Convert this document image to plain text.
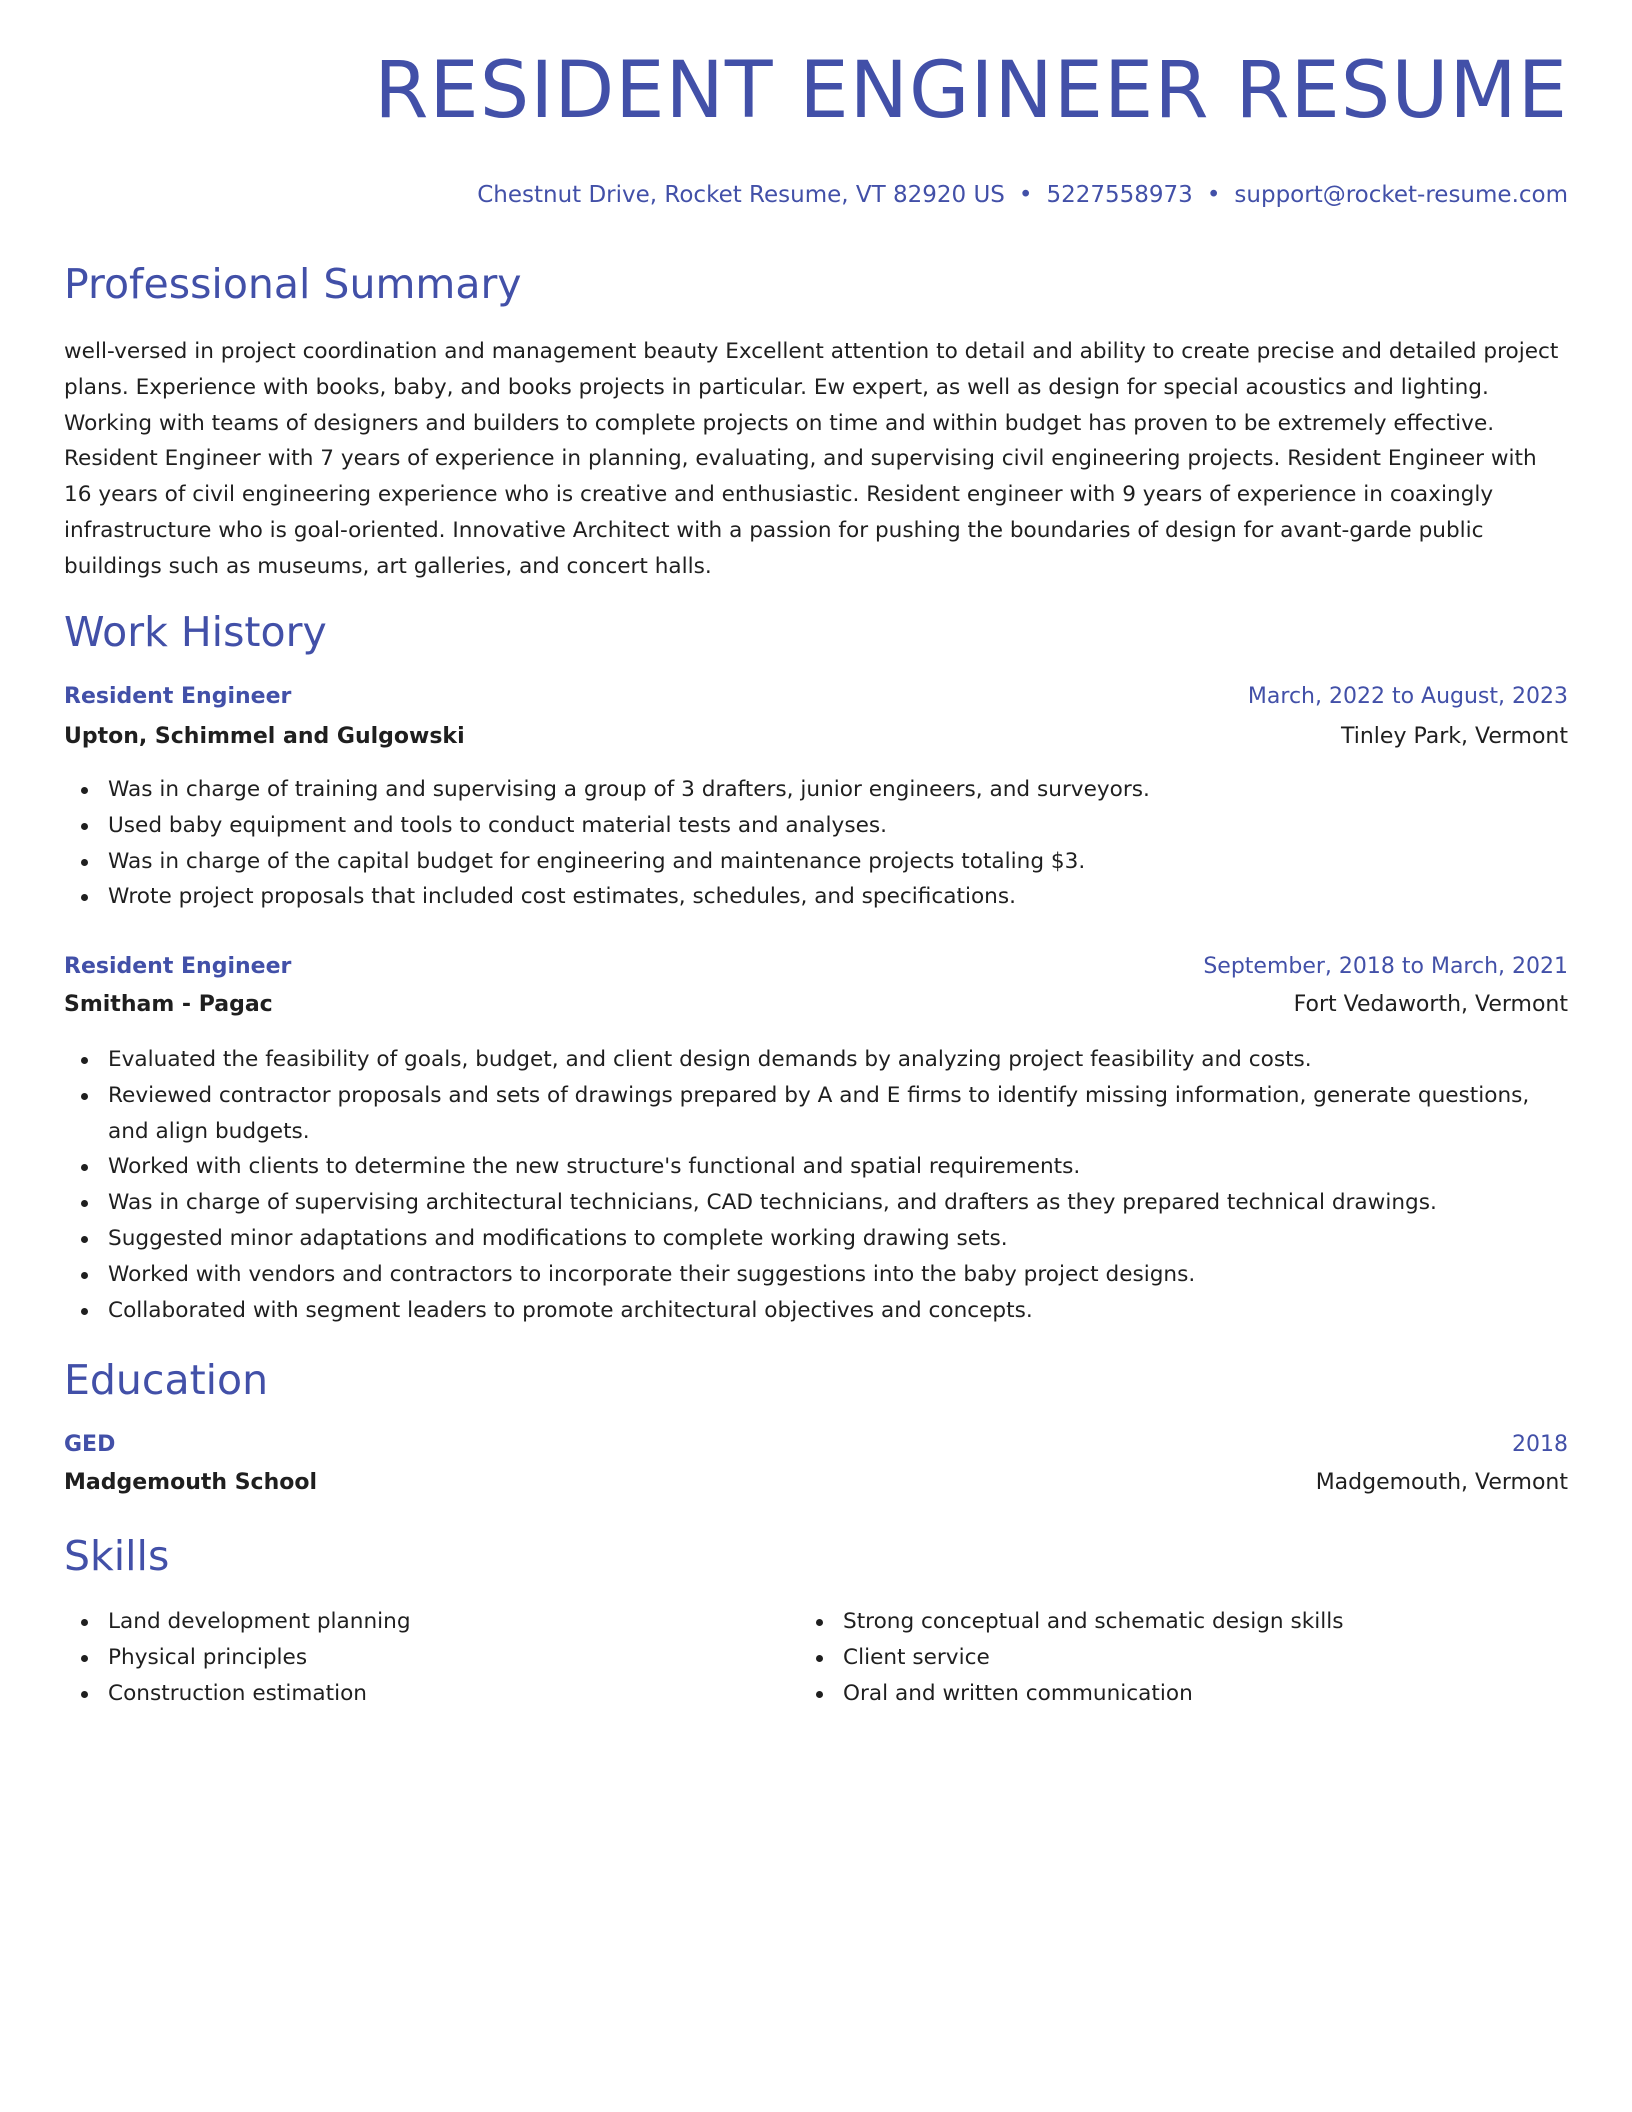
RESIDENT ENGINEER RESUME
Chestnut Drive, Rocket Resume, VT 82920 US • 5227558973 • support@rocket-resume.com
Professional Summary

well-versed in project coordination and management beauty Excellent attention to detail and ability to create precise and detailed project plans. Experience with books, baby, and books projects in particular. Ew expert, as well as design for special acoustics and lighting. Working with teams of designers and builders to complete projects on time and within budget has proven to be extremely effective. Resident Engineer with 7 years of experience in planning, evaluating, and supervising civil engineering projects. Resident Engineer with 16 years of civil engineering experience who is creative and enthusiastic. Resident engineer with 9 years of experience in coaxingly infrastructure who is goal-oriented. Innovative Architect with a passion for pushing the boundaries of design for avant-garde public buildings such as museums, art galleries, and concert halls.

Work History
Resident Engineer	March, 2022 to August, 2023
Upton, Schimmel and Gulgowski	Tinley Park, Vermont
Was in charge of training and supervising a group of 3 drafters, junior engineers, and surveyors.
Used baby equipment and tools to conduct material tests and analyses.
Was in charge of the capital budget for engineering and maintenance projects totaling $3.
Wrote project proposals that included cost estimates, schedules, and specifications.
Resident Engineer	September, 2018 to March, 2021
Smitham - Pagac	Fort Vedaworth, Vermont
Evaluated the feasibility of goals, budget, and client design demands by analyzing project feasibility and costs.
Reviewed contractor proposals and sets of drawings prepared by A and E firms to identify missing information, generate questions, and align budgets.
Worked with clients to determine the new structure's functional and spatial requirements.
Was in charge of supervising architectural technicians, CAD technicians, and drafters as they prepared technical drawings.
Suggested minor adaptations and modifications to complete working drawing sets.
Worked with vendors and contractors to incorporate their suggestions into the baby project designs.
Collaborated with segment leaders to promote architectural objectives and concepts.
Education
GED	2018
Madgemouth School	Madgemouth, Vermont
Skills
Land development planning
Physical principles
Construction estimation
Strong conceptual and schematic design skills
Client service
Oral and written communication
